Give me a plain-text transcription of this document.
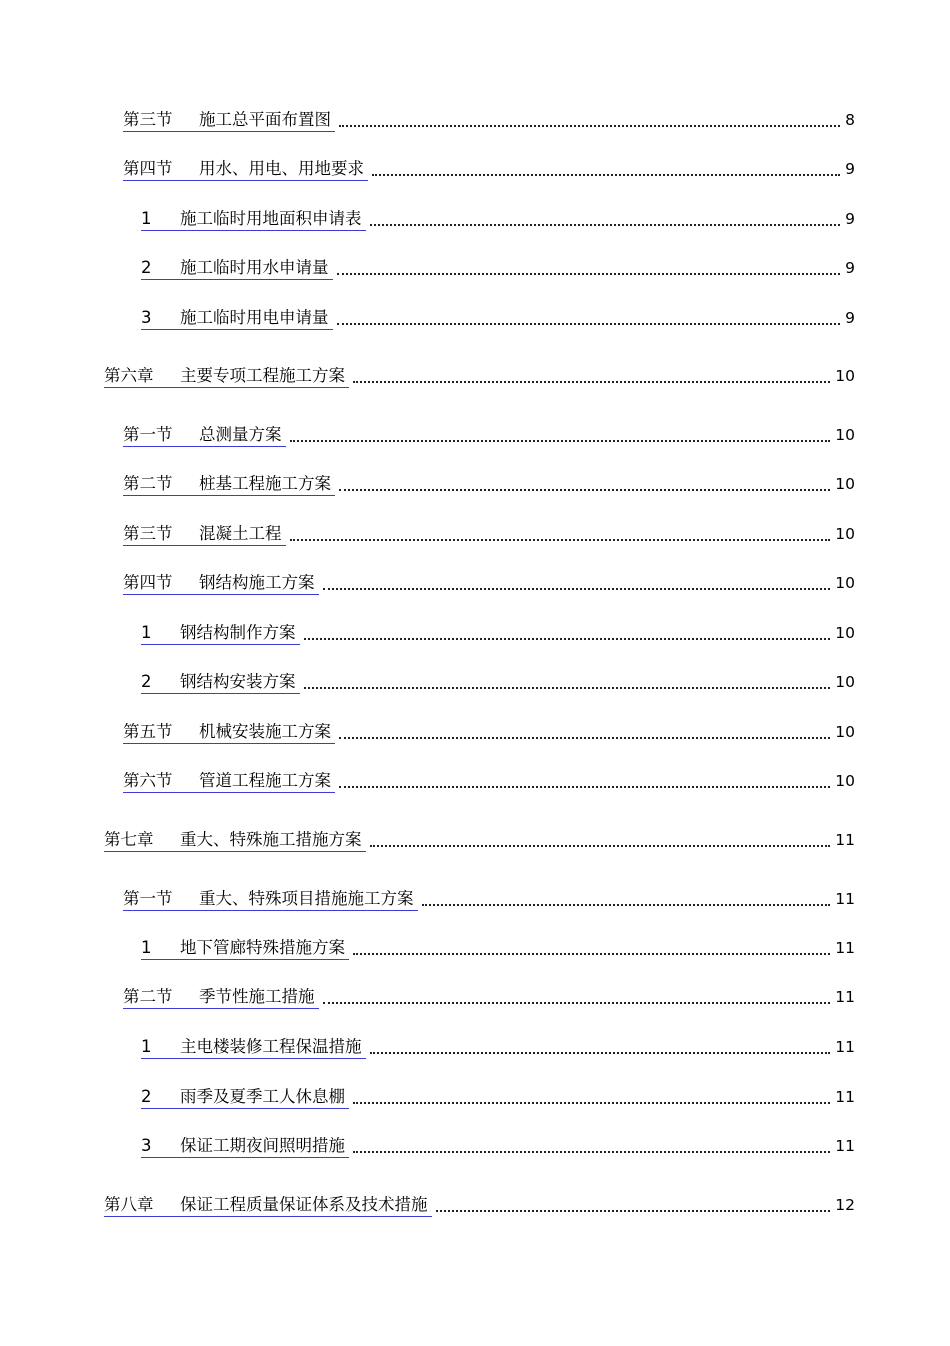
第三节	施工总平面布置图	8
第四节	用水、用电、用地要求	9
1	施工临时用地面积申请表	9
2	施工临时用水申请量	9
3	施工临时用电申请量	9
第六章	主要专项工程施工方案	10
第一节	总测量方案	10
第二节	桩基工程施工方案	10
第三节	混凝土工程	10
第四节	钢结构施工方案	10
1	钢结构制作方案	10
2	钢结构安装方案	10
第五节	机械安装施工方案	10
第六节	管道工程施工方案	10
第七章	重大、特殊施工措施方案	11
第一节	重大、特殊项目措施施工方案	11
1	地下管廊特殊措施方案	11
第二节	季节性施工措施	11
1	主电楼装修工程保温措施	11
2	雨季及夏季工人休息棚	11
3	保证工期夜间照明措施	11
第八章	保证工程质量保证体系及技术措施	12
